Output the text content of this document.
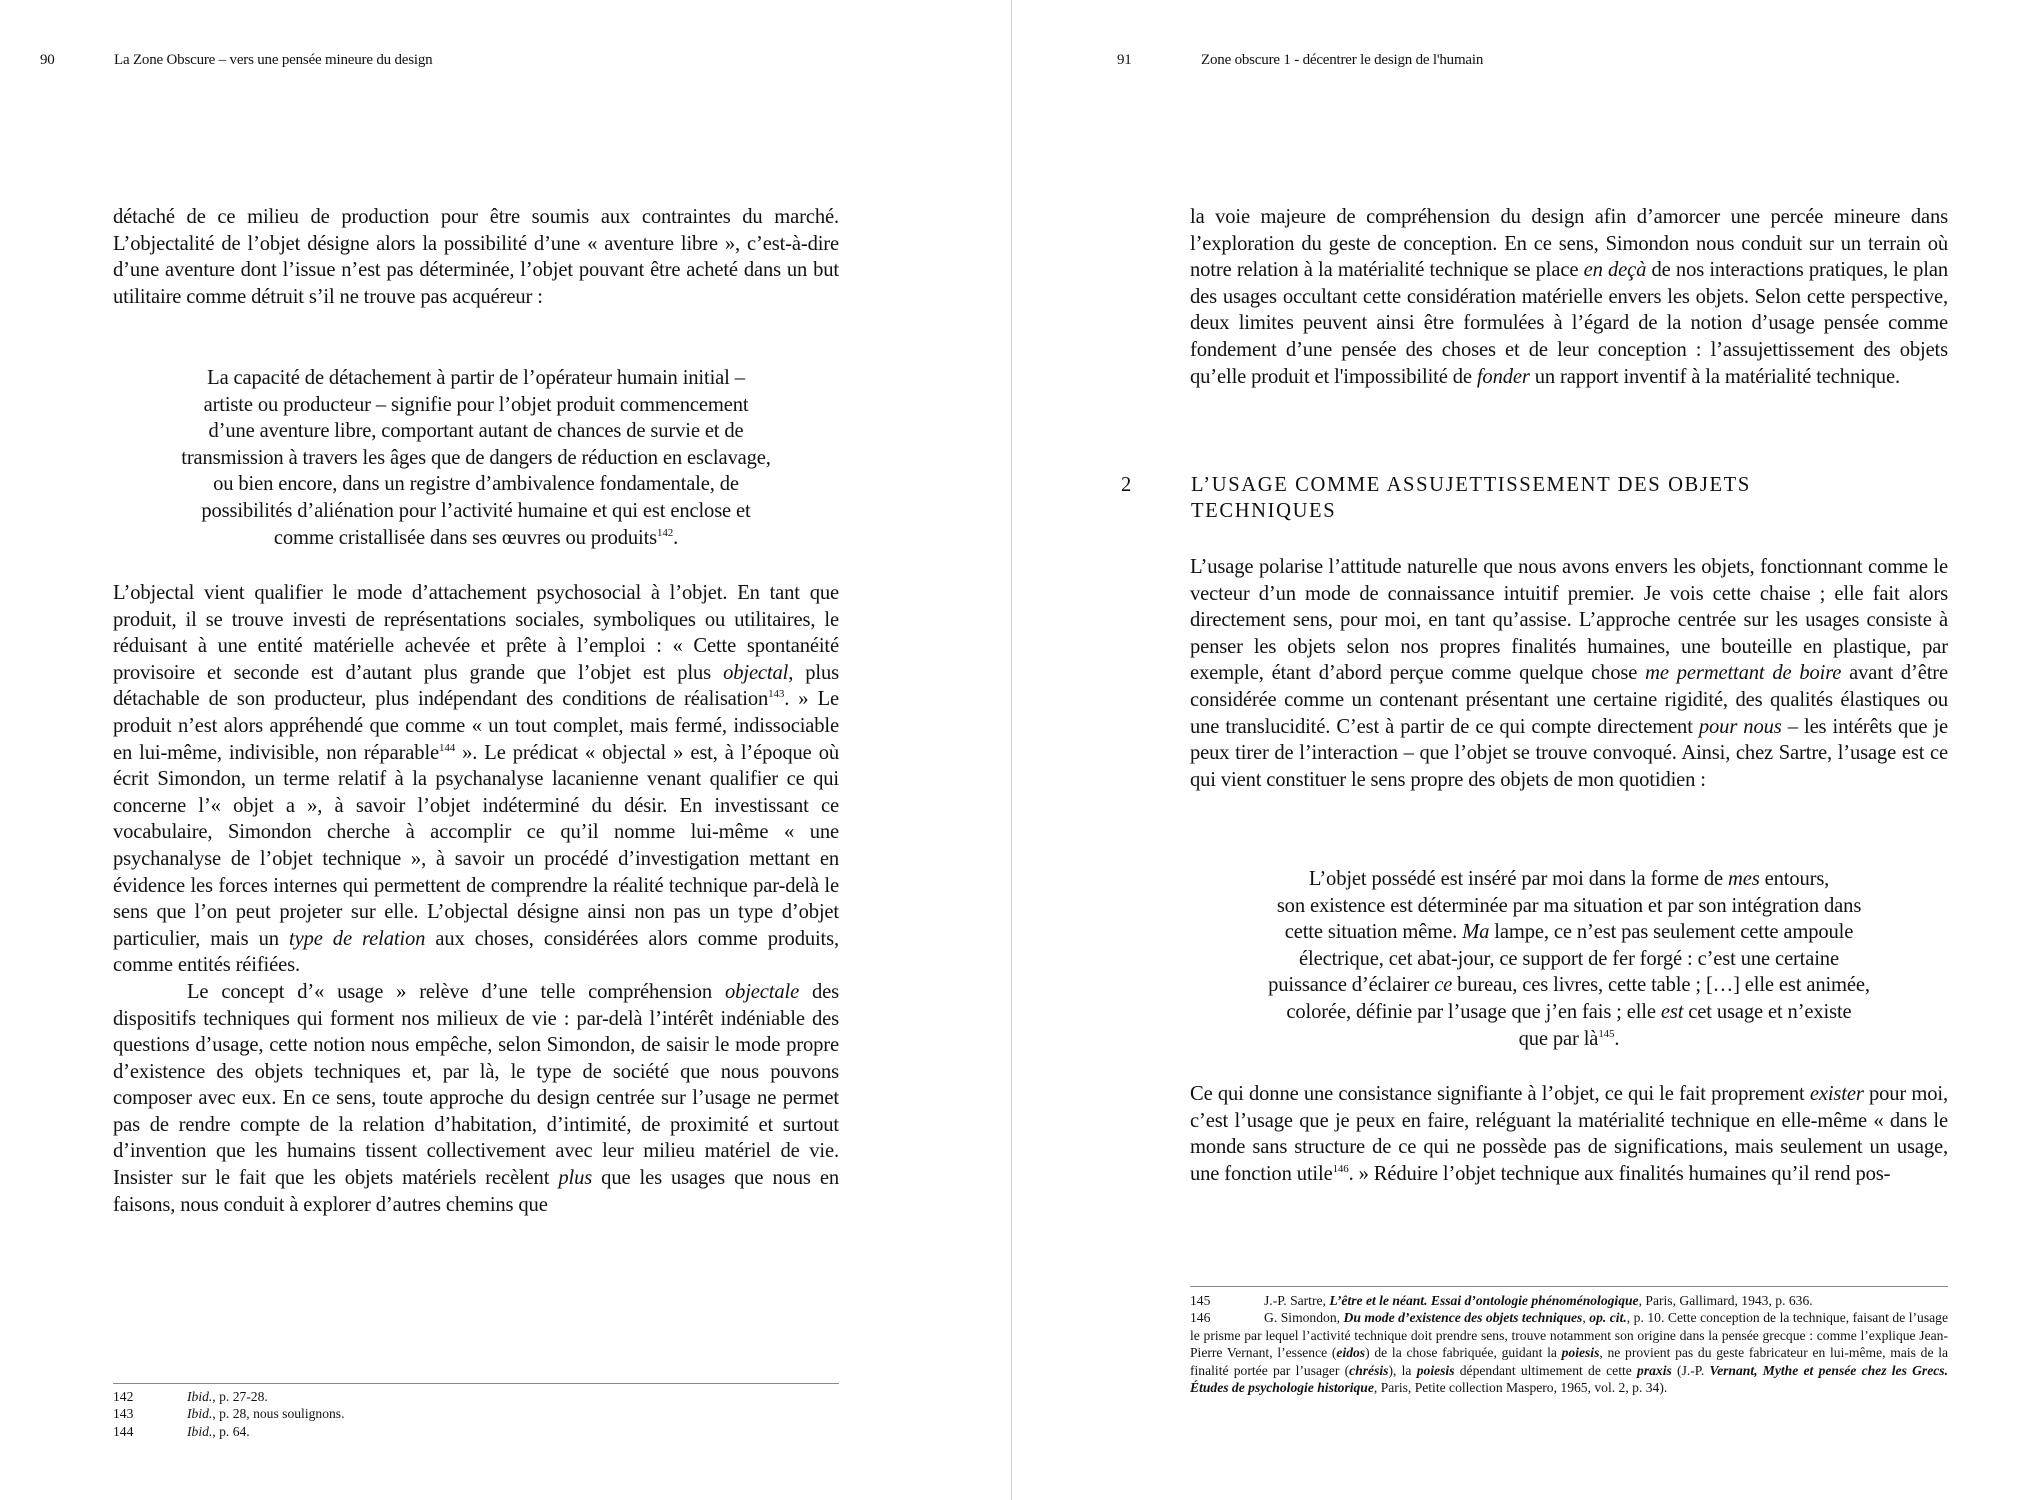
90	La Zone Obscure – vers une pensée mineure du design

détaché de ce milieu de production pour être soumis aux contraintes du marché. L’objectalité de l’objet désigne alors la possibilité d’une « aventure libre », c’est-à-dire d’une aventure dont l’issue n’est pas déterminée, l’objet pouvant être acheté dans un but utilitaire comme détruit s’il ne trouve pas acquéreur :

La capacité de détachement à partir de l’opérateur humain initial –

artiste ou producteur – signifie pour l’objet produit commencement

d’une aventure libre, comportant autant de chances de survie et de

transmission à travers les âges que de dangers de réduction en esclavage,

ou bien encore, dans un registre d’ambivalence fondamentale, de

possibilités d’aliénation pour l’activité humaine et qui est enclose et

comme cristallisée dans ses œuvres ou produits$^{142}$.

L’objectal vient qualifier le mode d’attachement psychosocial à l’objet. En tant que produit, il se trouve investi de représentations sociales, symboliques ou utilitaires, le réduisant à une entité matérielle achevée et prête à l’emploi : « Cette spontanéité provisoire et seconde est d’autant plus grande que l’objet est plus objectal, plus détachable de son producteur, plus indépendant des conditions de réalisation$^{143}$. » Le produit n’est alors appréhendé que comme « un tout complet, mais fermé, indissociable en lui-même, indivisible, non réparable$^{144}$ ». Le prédicat « objectal » est, à l’époque où écrit Simondon, un terme relatif à la psychanalyse lacanienne venant qualifier ce qui concerne l’« objet a », à savoir l’objet indéterminé du désir. En investissant ce vocabulaire, Simondon cherche à accomplir ce qu’il nomme lui-même « une psychanalyse de l’objet technique », à savoir un procédé d’investigation mettant en évidence les forces internes qui permettent de comprendre la réalité technique par-delà le sens que l’on peut projeter sur elle. L’objectal désigne ainsi non pas un type d’objet particulier, mais un type de relation aux choses, considérées alors comme produits, comme entités réifiées.

Le concept d’« usage » relève d’une telle compréhension objectale des dispositifs techniques qui forment nos milieux de vie : par-delà l’intérêt indéniable des questions d’usage, cette notion nous empêche, selon Simondon, de saisir le mode propre d’existence des objets techniques et, par là, le type de société que nous pouvons composer avec eux. En ce sens, toute approche du design centrée sur l’usage ne permet pas de rendre compte de la relation d’habitation, d’intimité, de proximité et surtout d’invention que les humains tissent collectivement avec leur milieu matériel de vie. Insister sur le fait que les objets matériels recèlent plus que les usages que nous en faisons, nous conduit à explorer d’autres chemins que

142	Ibid., p. 27-28.

143	Ibid., p. 28, nous soulignons.

144	Ibid., p. 64.

91	Zone obscure 1 - décentrer le design de l'humain

la voie majeure de compréhension du design afin d’amorcer une percée mineure dans l’exploration du geste de conception. En ce sens, Simondon nous conduit sur un terrain où notre relation à la matérialité technique se place en deçà de nos interactions pratiques, le plan des usages occultant cette considération matérielle envers les objets. Selon cette perspective, deux limites peuvent ainsi être formulées à l’égard de la notion d’usage pensée comme fondement d’une pensée des choses et de leur conception : l’assujettissement des objets qu’elle produit et l'impossibilité de fonder un rapport inventif à la matérialité technique.

2	L’USAGE COMME ASSUJETTISSEMENT DES OBJETS TECHNIQUES

L’usage polarise l’attitude naturelle que nous avons envers les objets, fonctionnant comme le vecteur d’un mode de connaissance intuitif premier. Je vois cette chaise ; elle fait alors directement sens, pour moi, en tant qu’assise. L’approche centrée sur les usages consiste à penser les objets selon nos propres finalités humaines, une bouteille en plastique, par exemple, étant d’abord perçue comme quelque chose me permettant de boire avant d’être considérée comme un contenant présentant une certaine rigidité, des qualités élastiques ou une translucidité. C’est à partir de ce qui compte directement pour nous – les intérêts que je peux tirer de l’interaction – que l’objet se trouve convoqué. Ainsi, chez Sartre, l’usage est ce qui vient constituer le sens propre des objets de mon quotidien :

L’objet possédé est inséré par moi dans la forme de mes entours,

son existence est déterminée par ma situation et par son intégration dans

cette situation même. Ma lampe, ce n’est pas seulement cette ampoule

électrique, cet abat-jour, ce support de fer forgé : c’est une certaine

puissance d’éclairer ce bureau, ces livres, cette table ; […] elle est animée,

colorée, définie par l’usage que j’en fais ; elle est cet usage et n’existe

que par $là^{145}$.

Ce qui donne une consistance signifiante à l’objet, ce qui le fait proprement exister pour moi, c’est l’usage que je peux en faire, reléguant la matérialité technique en elle-même « dans le monde sans structure de ce qui ne possède pas de significations, mais seulement un usage, une fonction utile$^{146}$. » Réduire l’objet technique aux finalités humaines qu’il rend pos-

145	J.-P. Sartre, L’être et le néant. Essai d’ontologie phénoménologique, Paris, Gallimard, 1943, p. 636.

146	G. Simondon, Du mode d’existence des objets techniques, op. cit., p. 10. Cette conception de la technique, faisant de l’usage le prisme par lequel l’activité technique doit prendre sens, trouve notamment son origine dans la pensée grecque : comme l’explique Jean-Pierre Vernant, l’essence (eidos) de la chose fabriquée, guidant la poiesis, ne provient pas du geste fabricateur en lui-même, mais de la finalité portée par l’usager (chrésis), la poiesis dépendant ultimement de cette praxis (J.-P. Vernant, Mythe et pensée chez les Grecs. Études de psychologie historique, Paris, Petite collection Maspero, 1965, vol. 2, p. 34).
